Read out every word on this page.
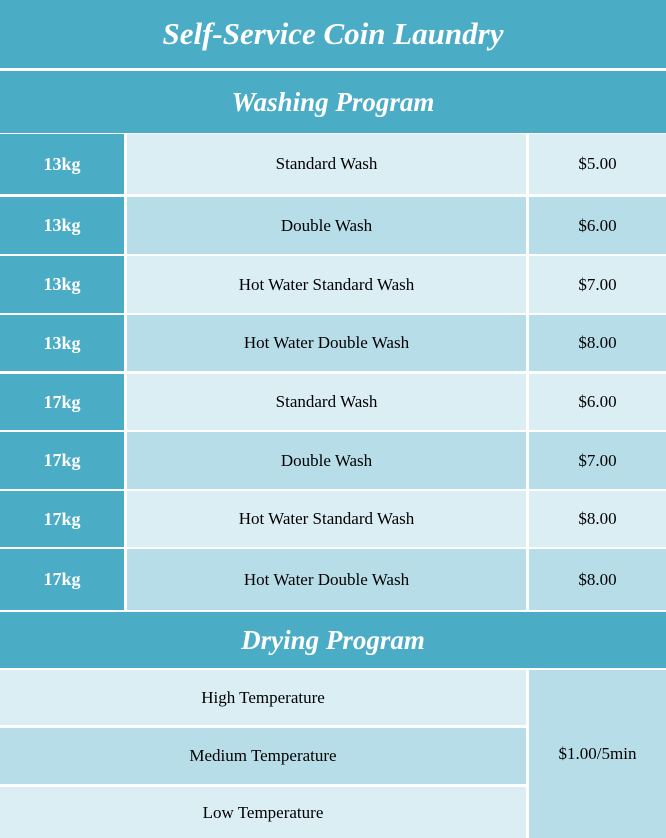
Self-Service Coin Laundry
Washing Program
13kg	Standard Wash	$5.00
13kg	Double Wash	$6.00
13kg	Hot Water Standard Wash	$7.00
13kg	Hot Water Double Wash	$8.00
17kg	Standard Wash	$6.00
17kg	Double Wash	$7.00
17kg	Hot Water Standard Wash	$8.00
17kg	Hot Water Double Wash	$8.00
Drying Program
High Temperature
Medium Temperature
Low Temperature
$1.00/5min
